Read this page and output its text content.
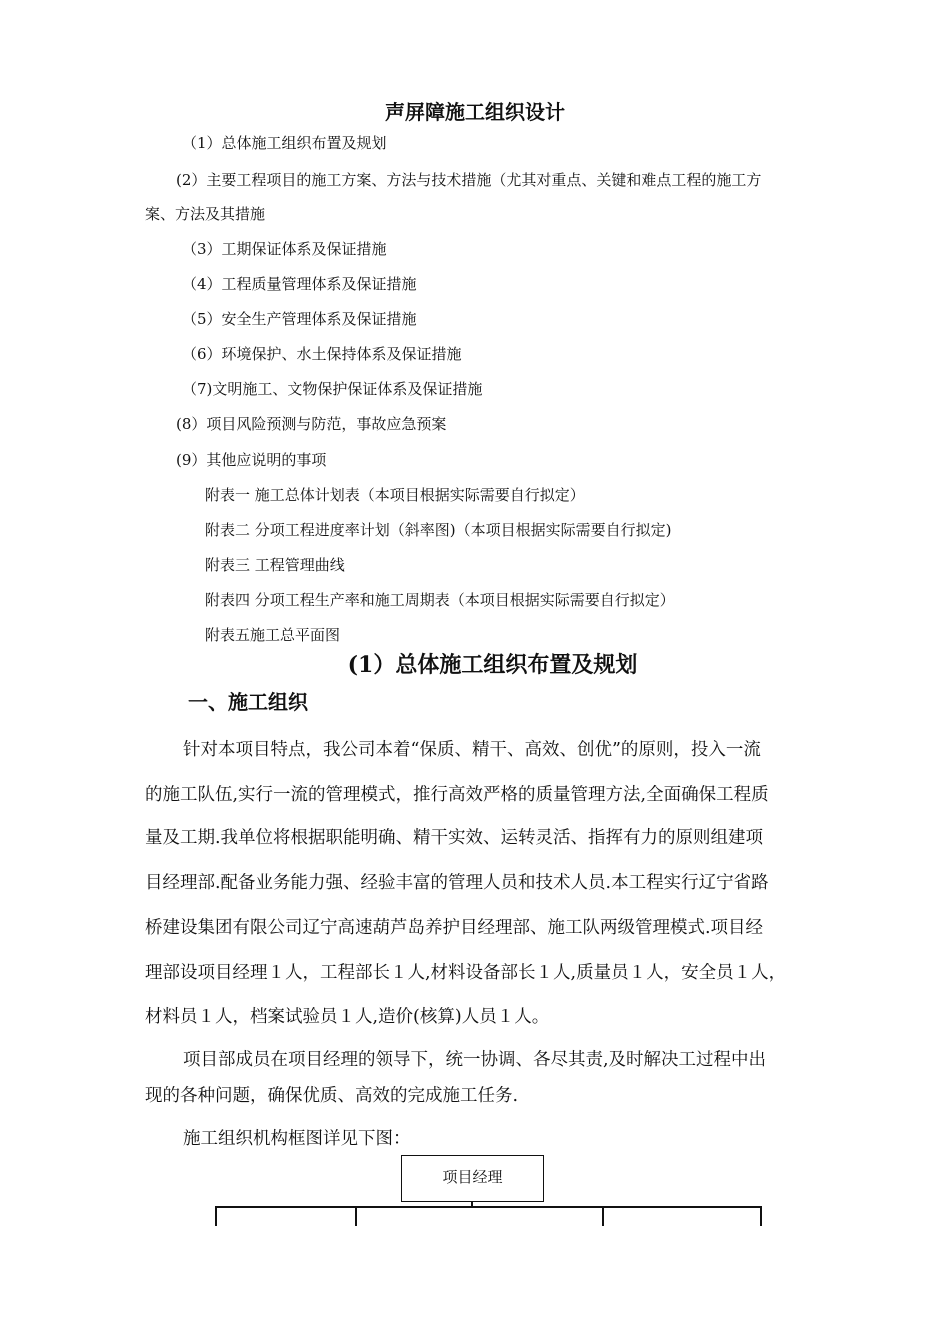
声屏障施工组织设计
（1）总体施工组织布置及规划
(2）主要工程项目的施工方案、方法与技术措施（尤其对重点、关键和难点工程的施工方
案、方法及其措施
（3）工期保证体系及保证措施
（4）工程质量管理体系及保证措施
（5）安全生产管理体系及保证措施
（6）环境保护、水土保持体系及保证措施
（7)文明施工、文物保护保证体系及保证措施
(8）项目风险预测与防范，事故应急预案
(9）其他应说明的事项
附表一 施工总体计划表（本项目根据实际需要自行拟定）
附表二 分项工程进度率计划（斜率图)（本项目根据实际需要自行拟定)
附表三 工程管理曲线
附表四 分项工程生产率和施工周期表（本项目根据实际需要自行拟定）
附表五施工总平面图
(1）总体施工组织布置及规划
一、施工组织
针对本项目特点，我公司本着“保质、精干、高效、创优”的原则，投入一流
的施工队伍,实行一流的管理模式，推行高效严格的质量管理方法,全面确保工程质
量及工期.我单位将根据职能明确、精干实效、运转灵活、指挥有力的原则组建项
目经理部.配备业务能力强、经验丰富的管理人员和技术人员.本工程实行辽宁省路
桥建设集团有限公司辽宁高速葫芦岛养护目经理部、施工队两级管理模式.项目经
理部设项目经理１人，工程部长１人,材料设备部长１人,质量员１人，安全员１人，
材料员１人，档案试验员１人,造价(核算)人员１人。
项目部成员在项目经理的领导下，统一协调、各尽其责,及时解决工过程中出
现的各种问题，确保优质、高效的完成施工任务.
施工组织机构框图详见下图：
项目经理
